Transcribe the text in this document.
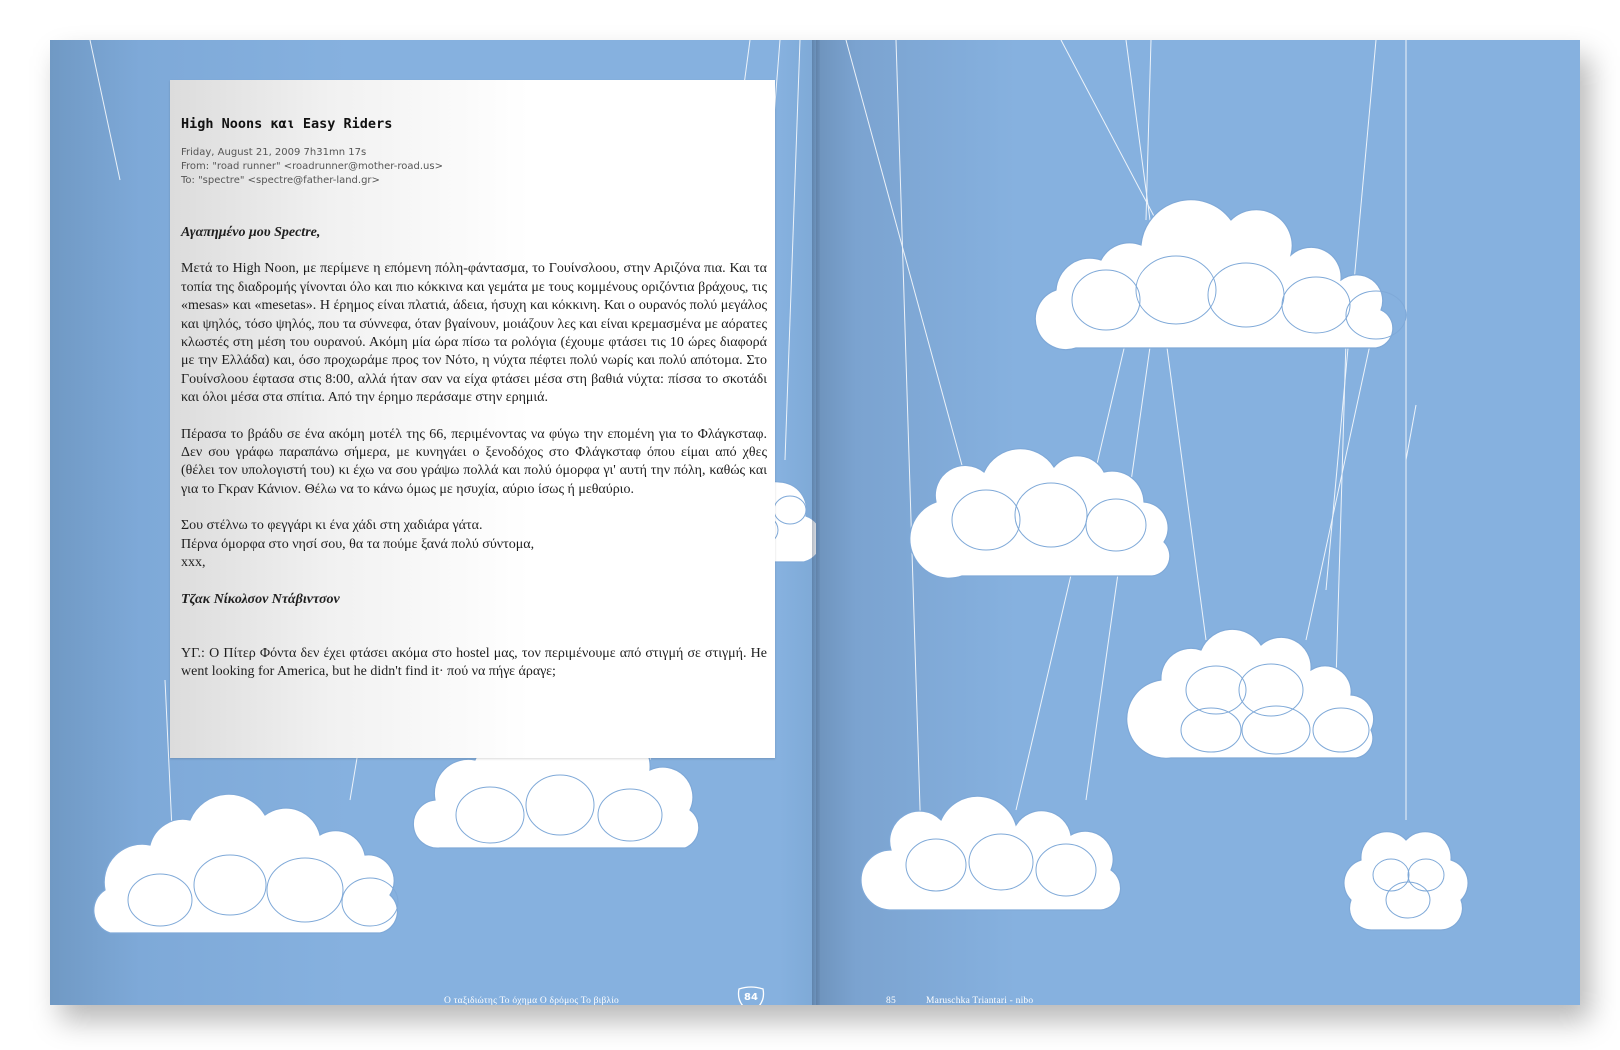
High Noons και Easy Riders
Friday, August 21, 2009 7h31mn 17s
From: "road runner" <roadrunner@mother-road.us>
To: "spectre" <spectre@father-land.gr>

Αγαπημένο μου Spectre,

Μετά το High Noon, με περίμενε η επόμενη πόλη-φάντασμα, το Γουίνσλοου, στην Αριζόνα πια. Και τα τοπία της διαδρομής γίνονται όλο και πιο κόκκινα και γεμάτα με τους κομμένους οριζόντια βράχους, τις «mesas» και «mesetas». Η έρημος είναι πλατιά, άδεια, ήσυχη και κόκκινη. Και ο ουρανός πολύ μεγάλος και ψηλός, τόσο ψηλός, που τα σύννεφα, όταν βγαίνουν, μοιάζουν λες και είναι κρεμασμένα με αόρατες κλωστές στη μέση του ουρανού. Ακόμη μία ώρα πίσω τα ρολόγια (έχουμε φτάσει τις 10 ώρες διαφορά με την Ελλάδα) και, όσο προχωράμε προς τον Νότο, η νύχτα πέφτει πολύ νωρίς και πολύ απότομα. Στο Γουίνσλοου έφτασα στις 8:00, αλλά ήταν σαν να είχα φτάσει μέσα στη βαθιά νύχτα: πίσσα το σκοτάδι και όλοι μέσα στα σπίτια. Από την έρημο περάσαμε στην ερημιά.

Πέρασα το βράδυ σε ένα ακόμη μοτέλ της 66, περιμένοντας να φύγω την επομένη για το Φλάγκσταφ. Δεν σου γράφω παραπάνω σήμερα, με κυνηγάει ο ξενοδόχος στο Φλάγκσταφ όπου είμαι από χθες (θέλει τον υπολογιστή του) κι έχω να σου γράψω πολλά και πολύ όμορφα γι' αυτή την πόλη, καθώς και για το Γκραν Κάνιον. Θέλω να το κάνω όμως με ησυχία, αύριο ίσως ή μεθαύριο.

Σου στέλνω το φεγγάρι κι ένα χάδι στη χαδιάρα γάτα.

Πέρνα όμορφα στο νησί σου, θα τα πούμε ξανά πολύ σύντομα,

xxx,

Τζακ Νίκολσον Ντάβιντσον

ΥΓ.: Ο Πίτερ Φόντα δεν έχει φτάσει ακόμα στο hostel μας, τον περιμένουμε από στιγμή σε στιγμή. He went looking for America, but he didn't find it· πού να πήγε άραγε;

Ο ταξιδιώτης Το όχημα Ο δρόμος Το βιβλίο	84	85	Maruschka Triantari - nibo
